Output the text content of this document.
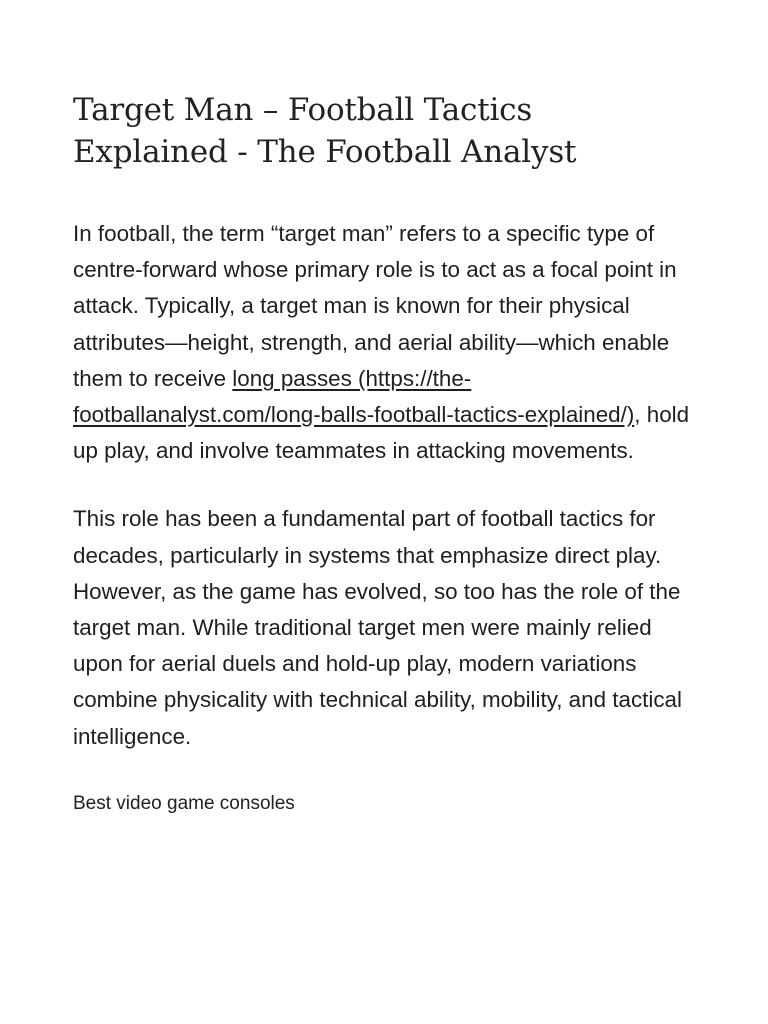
Target Man – Football Tactics Explained - The Football Analyst

In football, the term “target man” refers to a specific type of centre-forward whose primary role is to act as a focal point in attack. Typically, a target man is known for their physical attributes—height, strength, and aerial ability—which enable them to receive long passes (https://the-footballanalyst.com/long-balls-football-tactics-explained/), hold up play, and involve teammates in attacking movements.

This role has been a fundamental part of football tactics for decades, particularly in systems that emphasize direct play. However, as the game has evolved, so too has the role of the target man. While traditional target men were mainly relied upon for aerial duels and hold-up play, modern variations combine physicality with technical ability, mobility, and tactical intelligence.

Best video game consoles
